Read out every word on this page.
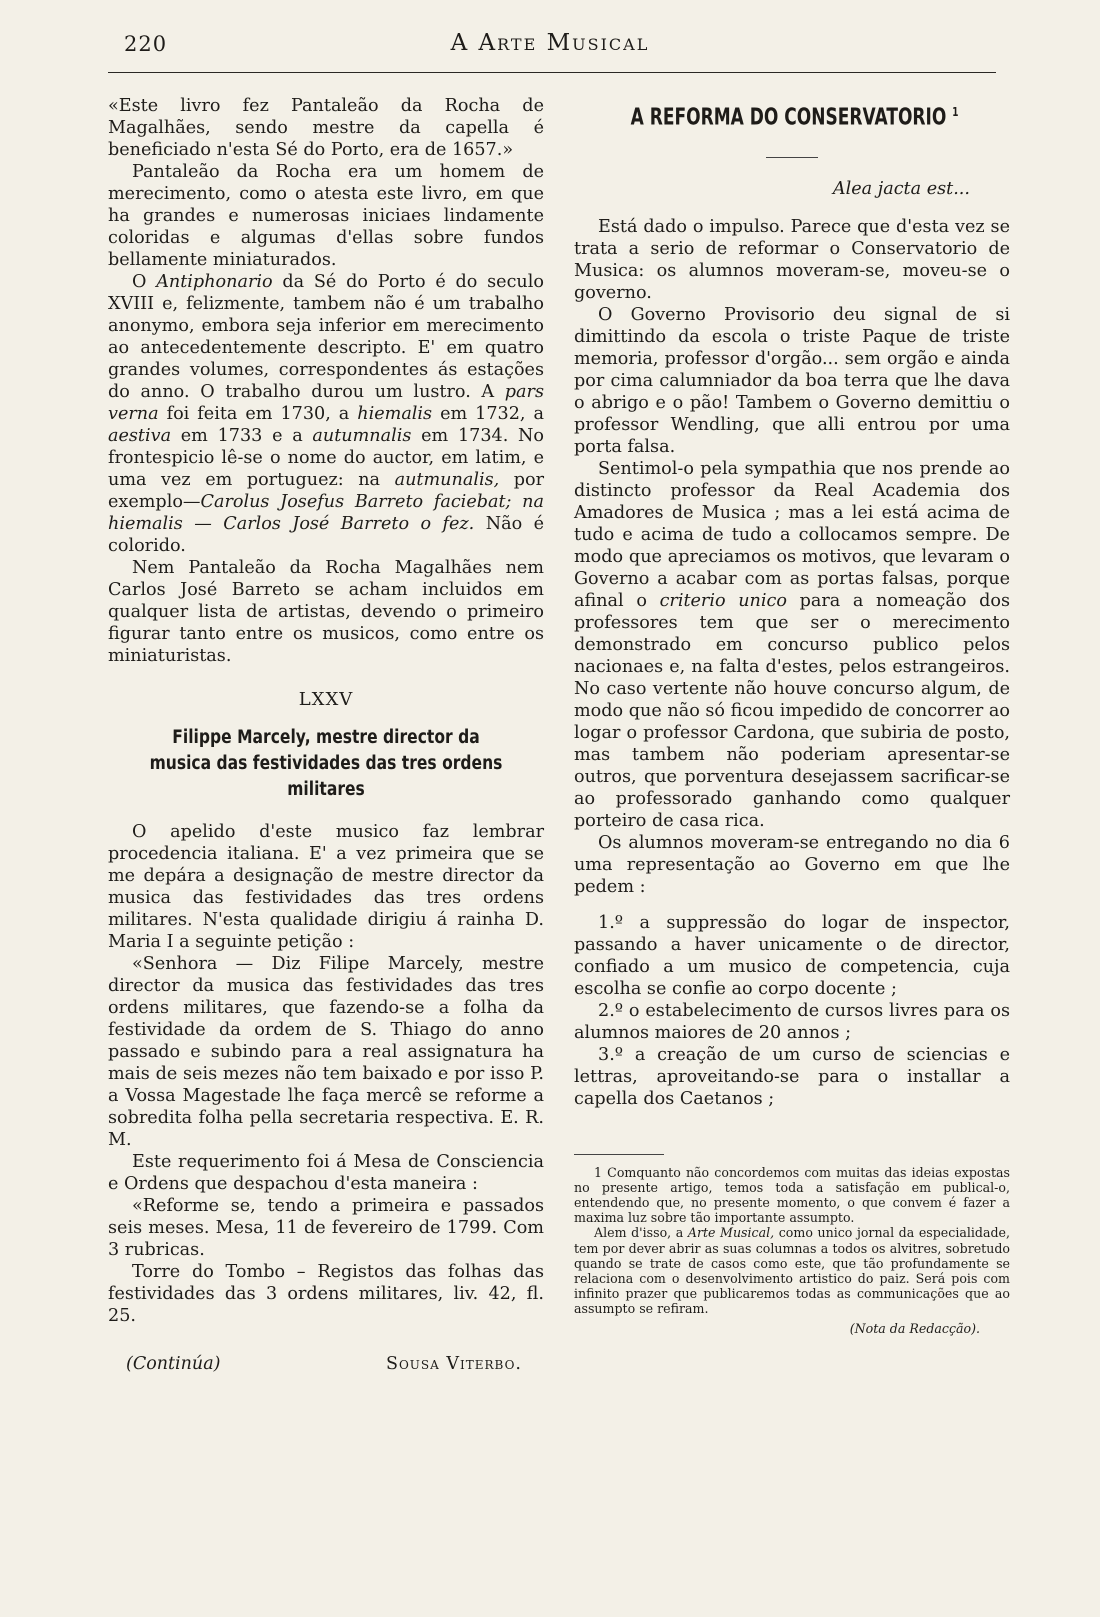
220	A Arte Musical

«Este livro fez Pantaleão da Rocha de Magalhães, sendo mestre da capella é beneficiado n'esta Sé do Porto, era de 1657.»

Pantaleão da Rocha era um homem de merecimento, como o atesta este livro, em que ha grandes e numerosas iniciaes lindamente coloridas e algumas d'ellas sobre fundos bellamente miniaturados.

O Antiphonario da Sé do Porto é do seculo XVIII e, felizmente, tambem não é um trabalho anonymo, embora seja inferior em merecimento ao antecedentemente descripto. E' em quatro grandes volumes, correspondentes ás estações do anno. O trabalho durou um lustro. A pars verna foi feita em 1730, a hiemalis em 1732, a aestiva em 1733 e a autumnalis em 1734. No frontespicio lê-se o nome do auctor, em latim, e uma vez em portuguez: na autmunalis, por exemplo—Carolus Josefus Barreto faciebat; na hiemalis — Carlos José Barreto o fez. Não é colorido.

Nem Pantaleão da Rocha Magalhães nem Carlos José Barreto se acham incluidos em qualquer lista de artistas, devendo o primeiro figurar tanto entre os musicos, como entre os miniaturistas.

LXXV
Filippe Marcely, mestre director da musica das festividades das tres ordens militares

O apelido d'este musico faz lembrar procedencia italiana. E' a vez primeira que se me depára a designação de mestre director da musica das festividades das tres ordens militares. N'esta qualidade dirigiu á rainha D. Maria I a seguinte petição :

«Senhora — Diz Filipe Marcely, mestre director da musica das festividades das tres ordens militares, que fazendo-se a folha da festividade da ordem de S. Thiago do anno passado e subindo para a real assignatura ha mais de seis mezes não tem baixado e por isso P. a Vossa Magestade lhe faça mercê se reforme a sobredita folha pella secretaria respectiva. E. R. M.

Este requerimento foi á Mesa de Consciencia e Ordens que despachou d'esta maneira :

«Reforme se, tendo a primeira e passados seis meses. Mesa, 11 de fevereiro de 1799. Com 3 rubricas.

Torre do Tombo – Registos das folhas das festividades das 3 ordens militares, liv. 42, fl. 25.

(Continúa)	Sousa Viterbo.
A REFORMA DO CONSERVATORIO $^1$
Alea jacta est...

Está dado o impulso. Parece que d'esta vez se trata a serio de reformar o Conservatorio de Musica: os alumnos moveram-se, moveu-se o governo.

O Governo Provisorio deu signal de si dimittindo da escola o triste Paque de triste memoria, professor d'orgão... sem orgão e ainda por cima calumniador da boa terra que lhe dava o abrigo e o pão! Tambem o Governo demittiu o professor Wendling, que alli entrou por uma porta falsa.

Sentimol-o pela sympathia que nos prende ao distincto professor da Real Academia dos Amadores de Musica ; mas a lei está acima de tudo e acima de tudo a collocamos sempre. De modo que apreciamos os motivos, que levaram o Governo a acabar com as portas falsas, porque afinal o criterio unico para a nomeação dos professores tem que ser o merecimento demonstrado em concurso publico pelos nacionaes e, na falta d'estes, pelos estrangeiros. No caso vertente não houve concurso algum, de modo que não só ficou impedido de concorrer ao logar o professor Cardona, que subiria de posto, mas tambem não poderiam apresentar-se outros, que porventura desejassem sacrificar-se ao professorado ganhando como qualquer porteiro de casa rica.

Os alumnos moveram-se entregando no dia 6 uma representação ao Governo em que lhe pedem :

1.º a suppressão do logar de inspector, passando a haver unicamente o de director, confiado a um musico de competencia, cuja escolha se confie ao corpo docente ;

2.º o estabelecimento de cursos livres para os alumnos maiores de 20 annos ;

3.º a creação de um curso de sciencias e lettras, aproveitando-se para o installar a capella dos Caetanos ;

1 Comquanto não concordemos com muitas das ideias expostas no presente artigo, temos toda a satisfação em publical-o, entendendo que, no presente momento, o que convem é fazer a maxima luz sobre tão importante assumpto.

Alem d'isso, a Arte Musical, como unico jornal da especialidade, tem por dever abrir as suas columnas a todos os alvitres, sobretudo quando se trate de casos como este, que tão profundamente se relaciona com o desenvolvimento artistico do paiz. Será pois com infinito prazer que publicaremos todas as communicações que ao assumpto se refiram.

(Nota da Redacção).
